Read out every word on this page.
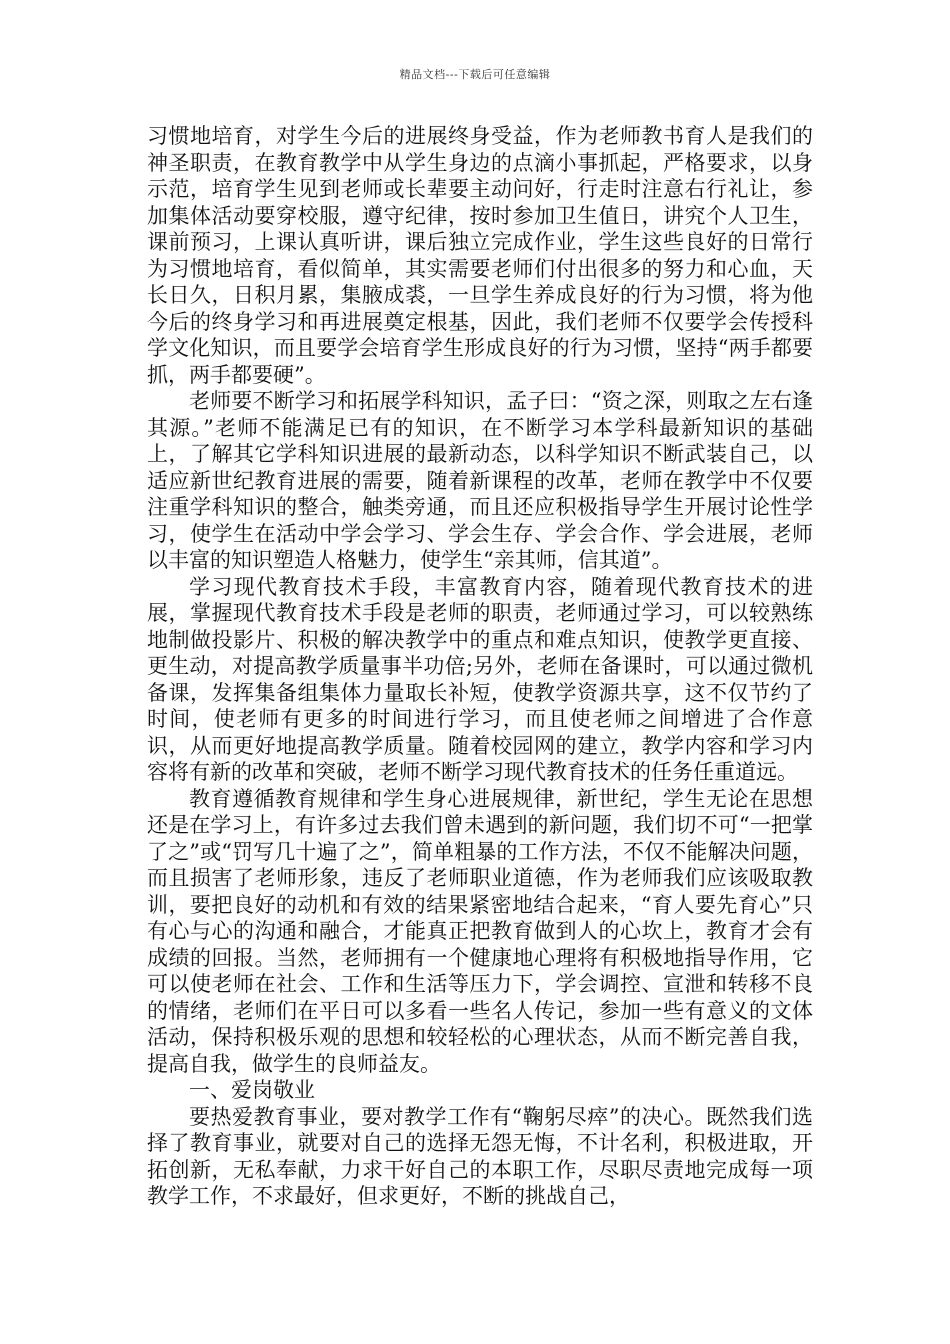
精品文档---下载后可任意编辑

习惯地培育，对学生今后的进展终身受益，作为老师教书育人是我们的神圣职责，在教育教学中从学生身边的点滴小事抓起，严格要求，以身示范，培育学生见到老师或长辈要主动问好，行走时注意右行礼让，参加集体活动要穿校服，遵守纪律，按时参加卫生值日，讲究个人卫生，课前预习，上课认真听讲，课后独立完成作业，学生这些良好的日常行为习惯地培育，看似简单，其实需要老师们付出很多的努力和心血，天长日久，日积月累，集腋成裘，一旦学生养成良好的行为习惯，将为他今后的终身学习和再进展奠定根基，因此，我们老师不仅要学会传授科学文化知识，而且要学会培育学生形成良好的行为习惯，坚持“两手都要抓，两手都要硬”。

老师要不断学习和拓展学科知识，孟子曰：“资之深，则取之左右逢其源。”老师不能满足已有的知识，在不断学习本学科最新知识的基础上，了解其它学科知识进展的最新动态，以科学知识不断武装自己，以适应新世纪教育进展的需要，随着新课程的改革，老师在教学中不仅要注重学科知识的整合，触类旁通，而且还应积极指导学生开展讨论性学习，使学生在活动中学会学习、学会生存、学会合作、学会进展，老师以丰富的知识塑造人格魅力，使学生“亲其师，信其道”。

学习现代教育技术手段，丰富教育内容，随着现代教育技术的进展，掌握现代教育技术手段是老师的职责，老师通过学习，可以较熟练地制做投影片、积极的解决教学中的重点和难点知识，使教学更直接、更生动，对提高教学质量事半功倍;另外，老师在备课时，可以通过微机备课，发挥集备组集体力量取长补短，使教学资源共享，这不仅节约了时间，使老师有更多的时间进行学习，而且使老师之间增进了合作意识，从而更好地提高教学质量。随着校园网的建立，教学内容和学习内容将有新的改革和突破，老师不断学习现代教育技术的任务任重道远。

教育遵循教育规律和学生身心进展规律，新世纪，学生无论在思想还是在学习上，有许多过去我们曾未遇到的新问题，我们切不可“一把掌了之”或“罚写几十遍了之”，简单粗暴的工作方法，不仅不能解决问题，而且损害了老师形象，违反了老师职业道德，作为老师我们应该吸取教训，要把良好的动机和有效的结果紧密地结合起来，“育人要先育心”只有心与心的沟通和融合，才能真正把教育做到人的心坎上，教育才会有成绩的回报。当然，老师拥有一个健康地心理将有积极地指导作用，它可以使老师在社会、工作和生活等压力下，学会调控、宣泄和转移不良的情绪，老师们在平日可以多看一些名人传记，参加一些有意义的文体活动，保持积极乐观的思想和较轻松的心理状态，从而不断完善自我，提高自我，做学生的良师益友。

一、爱岗敬业

要热爱教育事业，要对教学工作有“鞠躬尽瘁”的决心。既然我们选择了教育事业，就要对自己的选择无怨无悔，不计名利，积极进取，开拓创新，无私奉献，力求干好自己的本职工作，尽职尽责地完成每一项教学工作，不求最好，但求更好，不断的挑战自己，
